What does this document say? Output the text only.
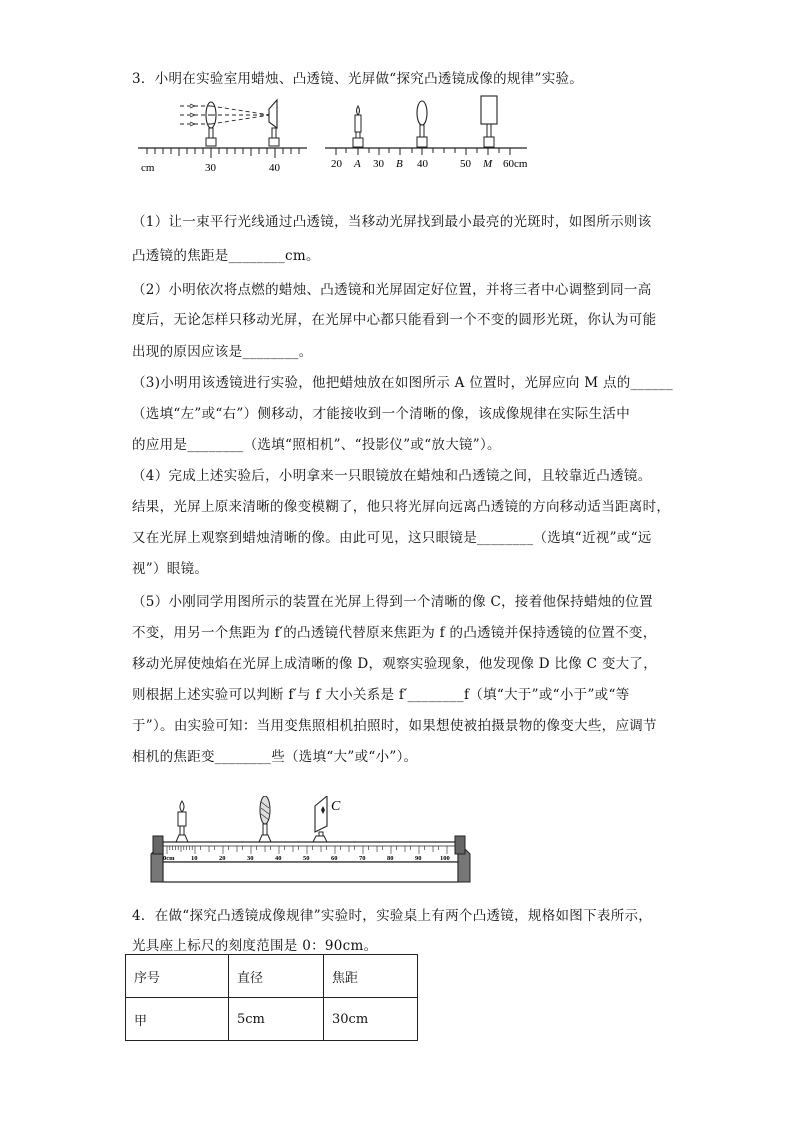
3．小明在实验室用蜡烛、凸透镜、光屏做“探究凸透镜成像的规律”实验。
cm	30	40	20 A 30 B 40	50 M 60cm
（1）让一束平行光线通过凸透镜，当移动光屏找到最小最亮的光斑时，如图所示则该
凸透镜的焦距是________cm。
（2）小明依次将点燃的蜡烛、凸透镜和光屏固定好位置，并将三者中心调整到同一高
度后，无论怎样只移动光屏，在光屏中心都只能看到一个不变的圆形光斑，你认为可能
出现的原因应该是________。
（3)小明用该透镜进行实验，他把蜡烛放在如图所示 A 位置时，光屏应向 M 点的______
（选填“左”或“右”）侧移动，才能接收到一个清晰的像，该成像规律在实际生活中
的应用是________（选填“照相机”、“投影仪”或“放大镜”）。
（4）完成上述实验后，小明拿来一只眼镜放在蜡烛和凸透镜之间，且较靠近凸透镜。
结果，光屏上原来清晰的像变模糊了，他只将光屏向远离凸透镜的方向移动适当距离时，
又在光屏上观察到蜡烛清晰的像。由此可见，这只眼镜是________（选填“近视”或“远
视”）眼镜。
（5）小刚同学用图所示的装置在光屏上得到一个清晰的像 C，接着他保持蜡烛的位置
不变，用另一个焦距为 f′的凸透镜代替原来焦距为 f 的凸透镜并保持透镜的位置不变，
移动光屏使烛焰在光屏上成清晰的像 D，观察实验现象，他发现像 D 比像 C 变大了，
则根据上述实验可以判断 f′与 f 大小关系是 f′________f（填“大于”或“小于”或“等
于”）。由实验可知：当用变焦照相机拍照时，如果想使被拍摄景物的像变大些，应调节
相机的焦距变________些（选填“大”或“小”）。
0cm	10	20	30	40	50	60	70	80	90	100
C
4．在做“探究凸透镜成像规律”实验时，实验桌上有两个凸透镜，规格如图下表所示，
光具座上标尺的刻度范围是 0：90cm。
序号	直径	焦距
甲	5cm	30cm
